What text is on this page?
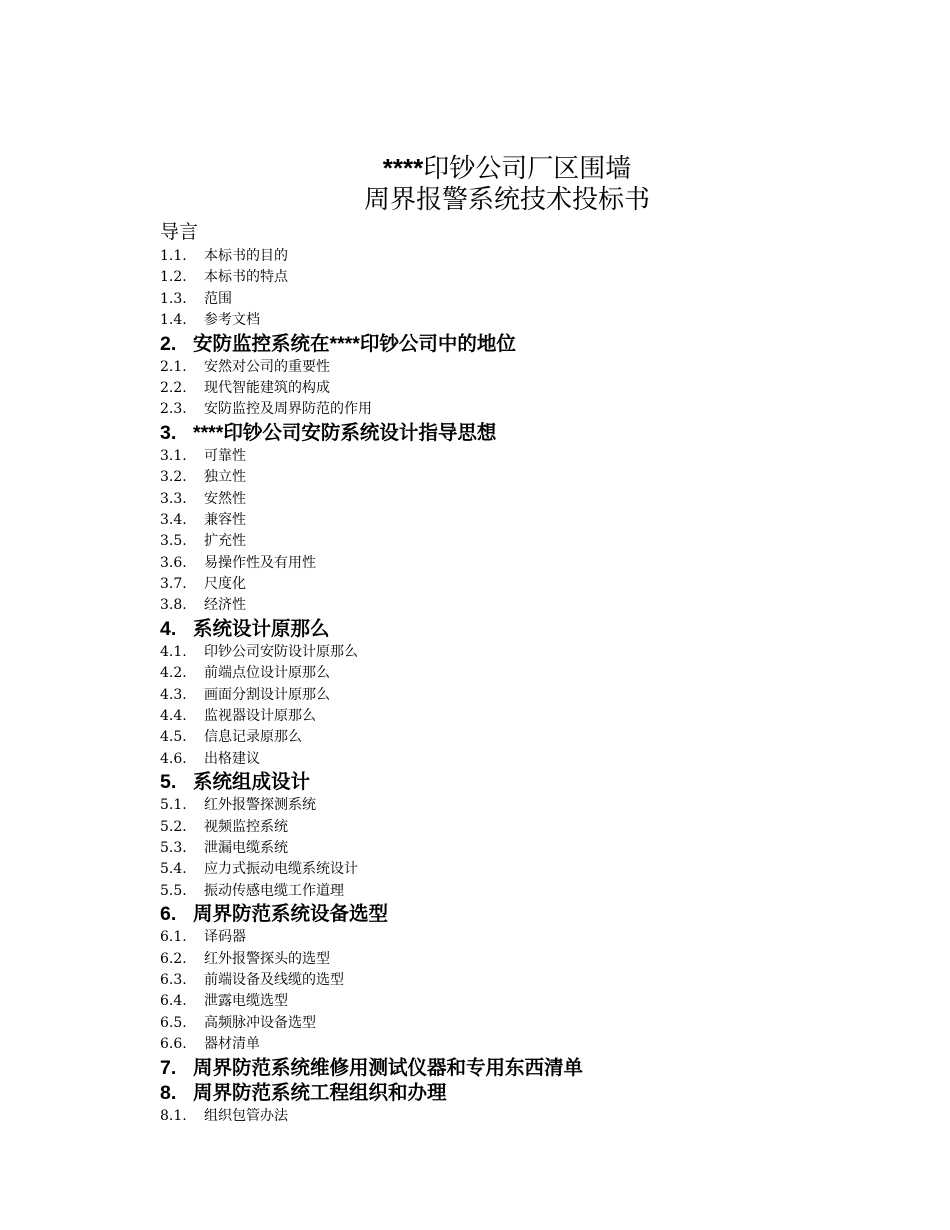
****印钞公司厂区围墙
周界报警系统技术投标书
导言
1.1. 本标书的目的
1.2. 本标书的特点
1.3. 范围
1.4. 参考文档
2. 安防监控系统在****印钞公司中的地位
2.1. 安然对公司的重要性
2.2. 现代智能建筑的构成
2.3. 安防监控及周界防范的作用
3. ****印钞公司安防系统设计指导思想
3.1. 可靠性
3.2. 独立性
3.3. 安然性
3.4. 兼容性
3.5. 扩充性
3.6. 易操作性及有用性
3.7. 尺度化
3.8. 经济性
4. 系统设计原那么
4.1. 印钞公司安防设计原那么
4.2. 前端点位设计原那么
4.3. 画面分割设计原那么
4.4. 监视器设计原那么
4.5. 信息记录原那么
4.6. 出格建议
5. 系统组成设计
5.1. 红外报警探测系统
5.2. 视频监控系统
5.3. 泄漏电缆系统
5.4. 应力式振动电缆系统设计
5.5. 振动传感电缆工作道理
6. 周界防范系统设备选型
6.1. 译码器
6.2. 红外报警探头的选型
6.3. 前端设备及线缆的选型
6.4. 泄露电缆选型
6.5. 高频脉冲设备选型
6.6. 器材清单
7. 周界防范系统维修用测试仪器和专用东西清单
8. 周界防范系统工程组织和办理
8.1. 组织包管办法
